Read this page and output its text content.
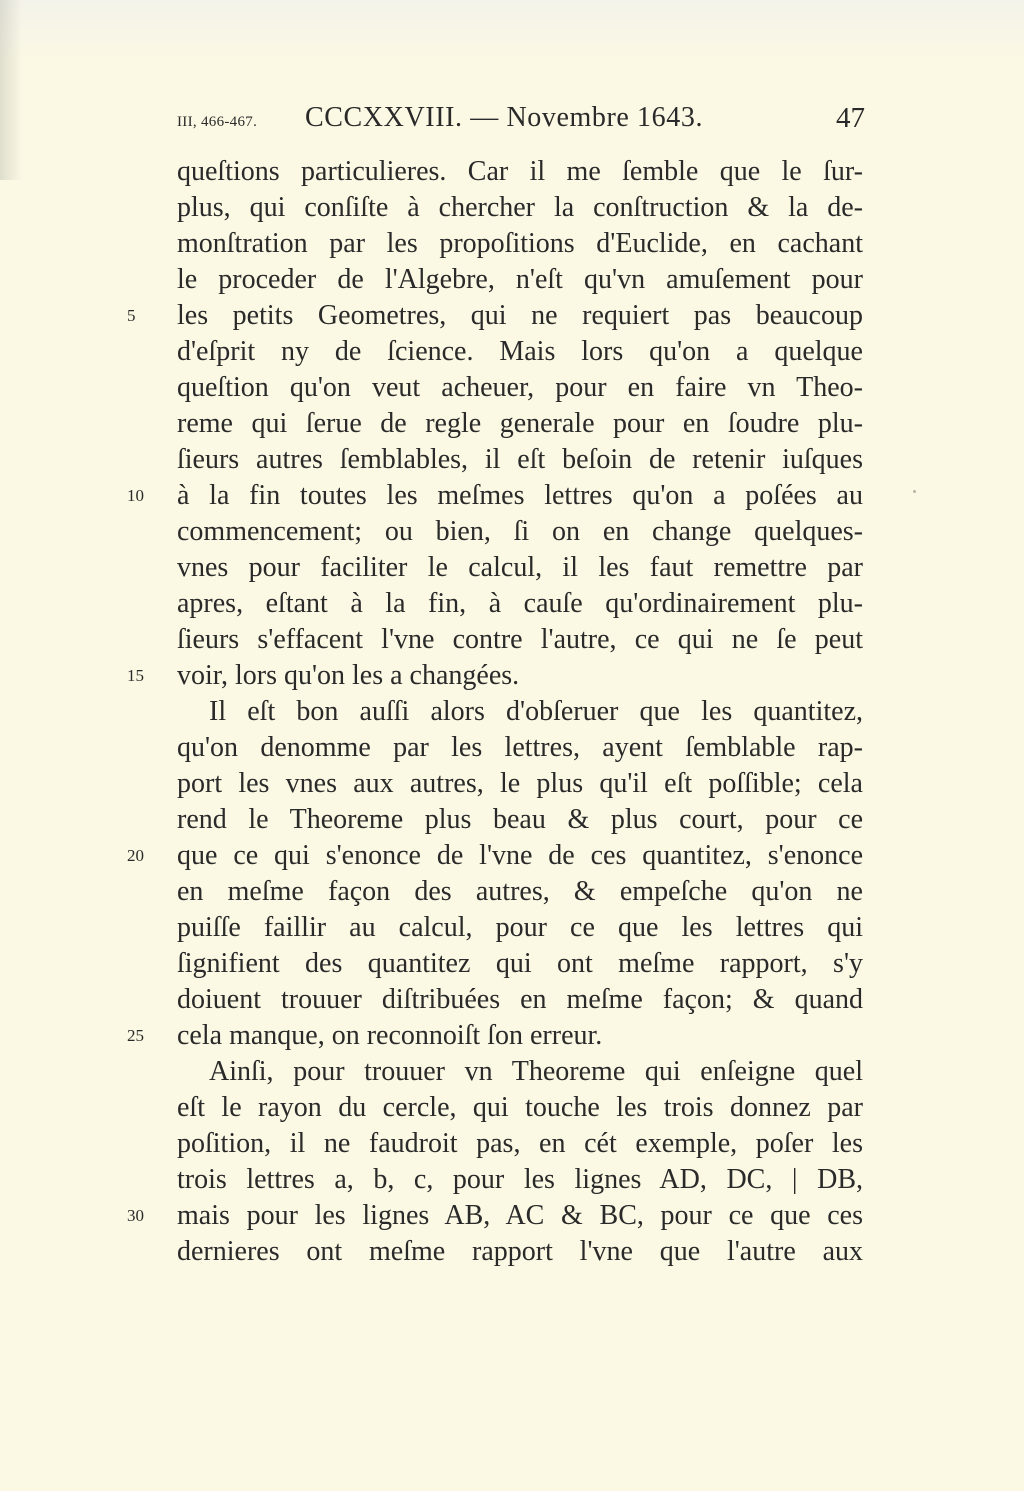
III, 466-467. CCCXXVIII. — Novembre 1643.	47
5
10
15
20
25
30
queſtions particulieres. Car il me ſemble que le ſur-
plus, qui conſiſte à chercher la conſtruction & la de-
monſtration par les propoſitions d'Euclide, en cachant
le proceder de l'Algebre, n'eſt qu'vn amuſement pour
les petits Geometres, qui ne requiert pas beaucoup
d'eſprit ny de ſcience. Mais lors qu'on a quelque
queſtion qu'on veut acheuer, pour en faire vn Theo-
reme qui ſerue de regle generale pour en ſoudre plu-
ſieurs autres ſemblables, il eſt beſoin de retenir iuſques
à la fin toutes les meſmes lettres qu'on a poſées au
commencement; ou bien, ſi on en change quelques-
vnes pour faciliter le calcul, il les faut remettre par
apres, eſtant à la fin, à cauſe qu'ordinairement plu-
ſieurs s'effacent l'vne contre l'autre, ce qui ne ſe peut
voir, lors qu'on les a changées.
Il eſt bon auſſi alors d'obſeruer que les quantitez,
qu'on denomme par les lettres, ayent ſemblable rap-
port les vnes aux autres, le plus qu'il eſt poſſible; cela
rend le Theoreme plus beau & plus court, pour ce
que ce qui s'enonce de l'vne de ces quantitez, s'enonce
en meſme façon des autres, & empeſche qu'on ne
puiſſe faillir au calcul, pour ce que les lettres qui
ſignifient des quantitez qui ont meſme rapport, s'y
doiuent trouuer diſtribuées en meſme façon; & quand
cela manque, on reconnoiſt ſon erreur.
Ainſi, pour trouuer vn Theoreme qui enſeigne quel
eſt le rayon du cercle, qui touche les trois donnez par
poſition, il ne faudroit pas, en cét exemple, poſer les
trois lettres a, b, c, pour les lignes AD, DC, | DB,
mais pour les lignes AB, AC & BC, pour ce que ces
dernieres ont meſme rapport l'vne que l'autre aux
